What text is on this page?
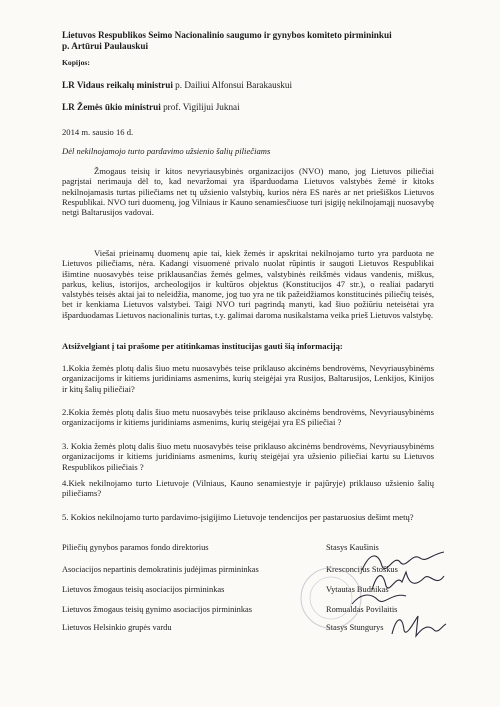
Lietuvos Respublikos Seimo Nacionalinio saugumo ir gynybos komiteto pirmininkui
p. Artūrui Paulauskui
Kopijos:
LR Vidaus reikalų ministrui p. Dailiui Alfonsui Barakauskui
LR Žemės ūkio ministrui prof. Vigilijui Juknai
2014 m. sausio 16 d.
Dėl nekilnojamojo turto pardavimo užsienio šalių piliečiams

Žmogaus teisių ir kitos nevyriausybinės organizacijos (NVO) mano, jog Lietuvos piliečiai pagrįstai nerimauja dėl to, kad nevaržomai yra išparduodama Lietuvos valstybės žemė ir kitoks nekilnojamasis turtas piliečiams net tų užsienio valstybių, kurios nėra ES narės ar net priešiškos Lietuvos Respublikai. NVO turi duomenų, jog Vilniaus ir Kauno senamiesčiuose turi įsigiję nekilnojamąjį nuosavybę netgi Baltarusijos vadovai.

Viešai prieinamų duomenų apie tai, kiek žemės ir apskritai nekilnojamo turto yra parduota ne Lietuvos piliečiams, nėra. Kadangi visuomenė privalo nuolat rūpintis ir saugoti Lietuvos Respublikai išimtine nuosavybės teise priklausančias žemės gelmes, valstybinės reikšmės vidaus vandenis, miškus, parkus, kelius, istorijos, archeologijos ir kultūros objektus (Konstitucijos 47 str.), o realiai padaryti valstybės teisės aktai jai to neleidžia, manome, jog tuo yra ne tik pažeidžiamos konstitucinės piliečių teisės, bet ir kenkiama Lietuvos valstybei. Taigi NVO turi pagrindą manyti, kad šiuo požiūriu neteisėtai yra išparduodamas Lietuvos nacionalinis turtas, t.y. galimai daroma nusikalstama veika prieš Lietuvos valstybę.

Atsižvelgiant į tai prašome per atitinkamas institucijas gauti šią informaciją:

1.Kokia žemės plotų dalis šiuo metu nuosavybės teise priklauso akcinėms bendrovėms, Nevyriausybinėms organizacijoms ir kitiems juridiniams asmenims, kurių steigėjai yra Rusijos, Baltarusijos, Lenkijos, Kinijos ir kitų šalių piliečiai?

2.Kokia žemės plotų dalis šiuo metu nuosavybės teise priklauso akcinėms bendrovėms, Nevyriausybinėms organizacijoms ir kitiems juridiniams asmenims, kurių steigėjai yra ES piliečiai ?

3. Kokia žemės plotų dalis šiuo metu nuosavybės teise priklauso akcinėms bendrovėms, Nevyriausybinėms organizacijoms ir kitiems juridiniams asmenims, kurių steigėjai yra užsienio piliečiai kartu su Lietuvos Respublikos piliečiais ?

4.Kiek nekilnojamo turto Lietuvoje (Vilniaus, Kauno senamiestyje ir pajūryje) priklauso užsienio šalių piliečiams?

5. Kokios nekilnojamo turto pardavimo-įsigijimo Lietuvoje tendencijos per pastaruosius dešimt metų?

Piliečių gynybos paramos fondo direktorius	Stasys Kaušinis
Asociacijos nepartinis demokratinis judėjimas pirmininkas	Kresconcijus Stoškus
Lietuvos žmogaus teisių asociacijos pirmininkas	Vytautas Budnikas
Lietuvos žmogaus teisių gynimo asociacijos pirmininkas	Romualdas Povilaitis
Lietuvos Helsinkio grupės vardu	Stasys Stungurys
